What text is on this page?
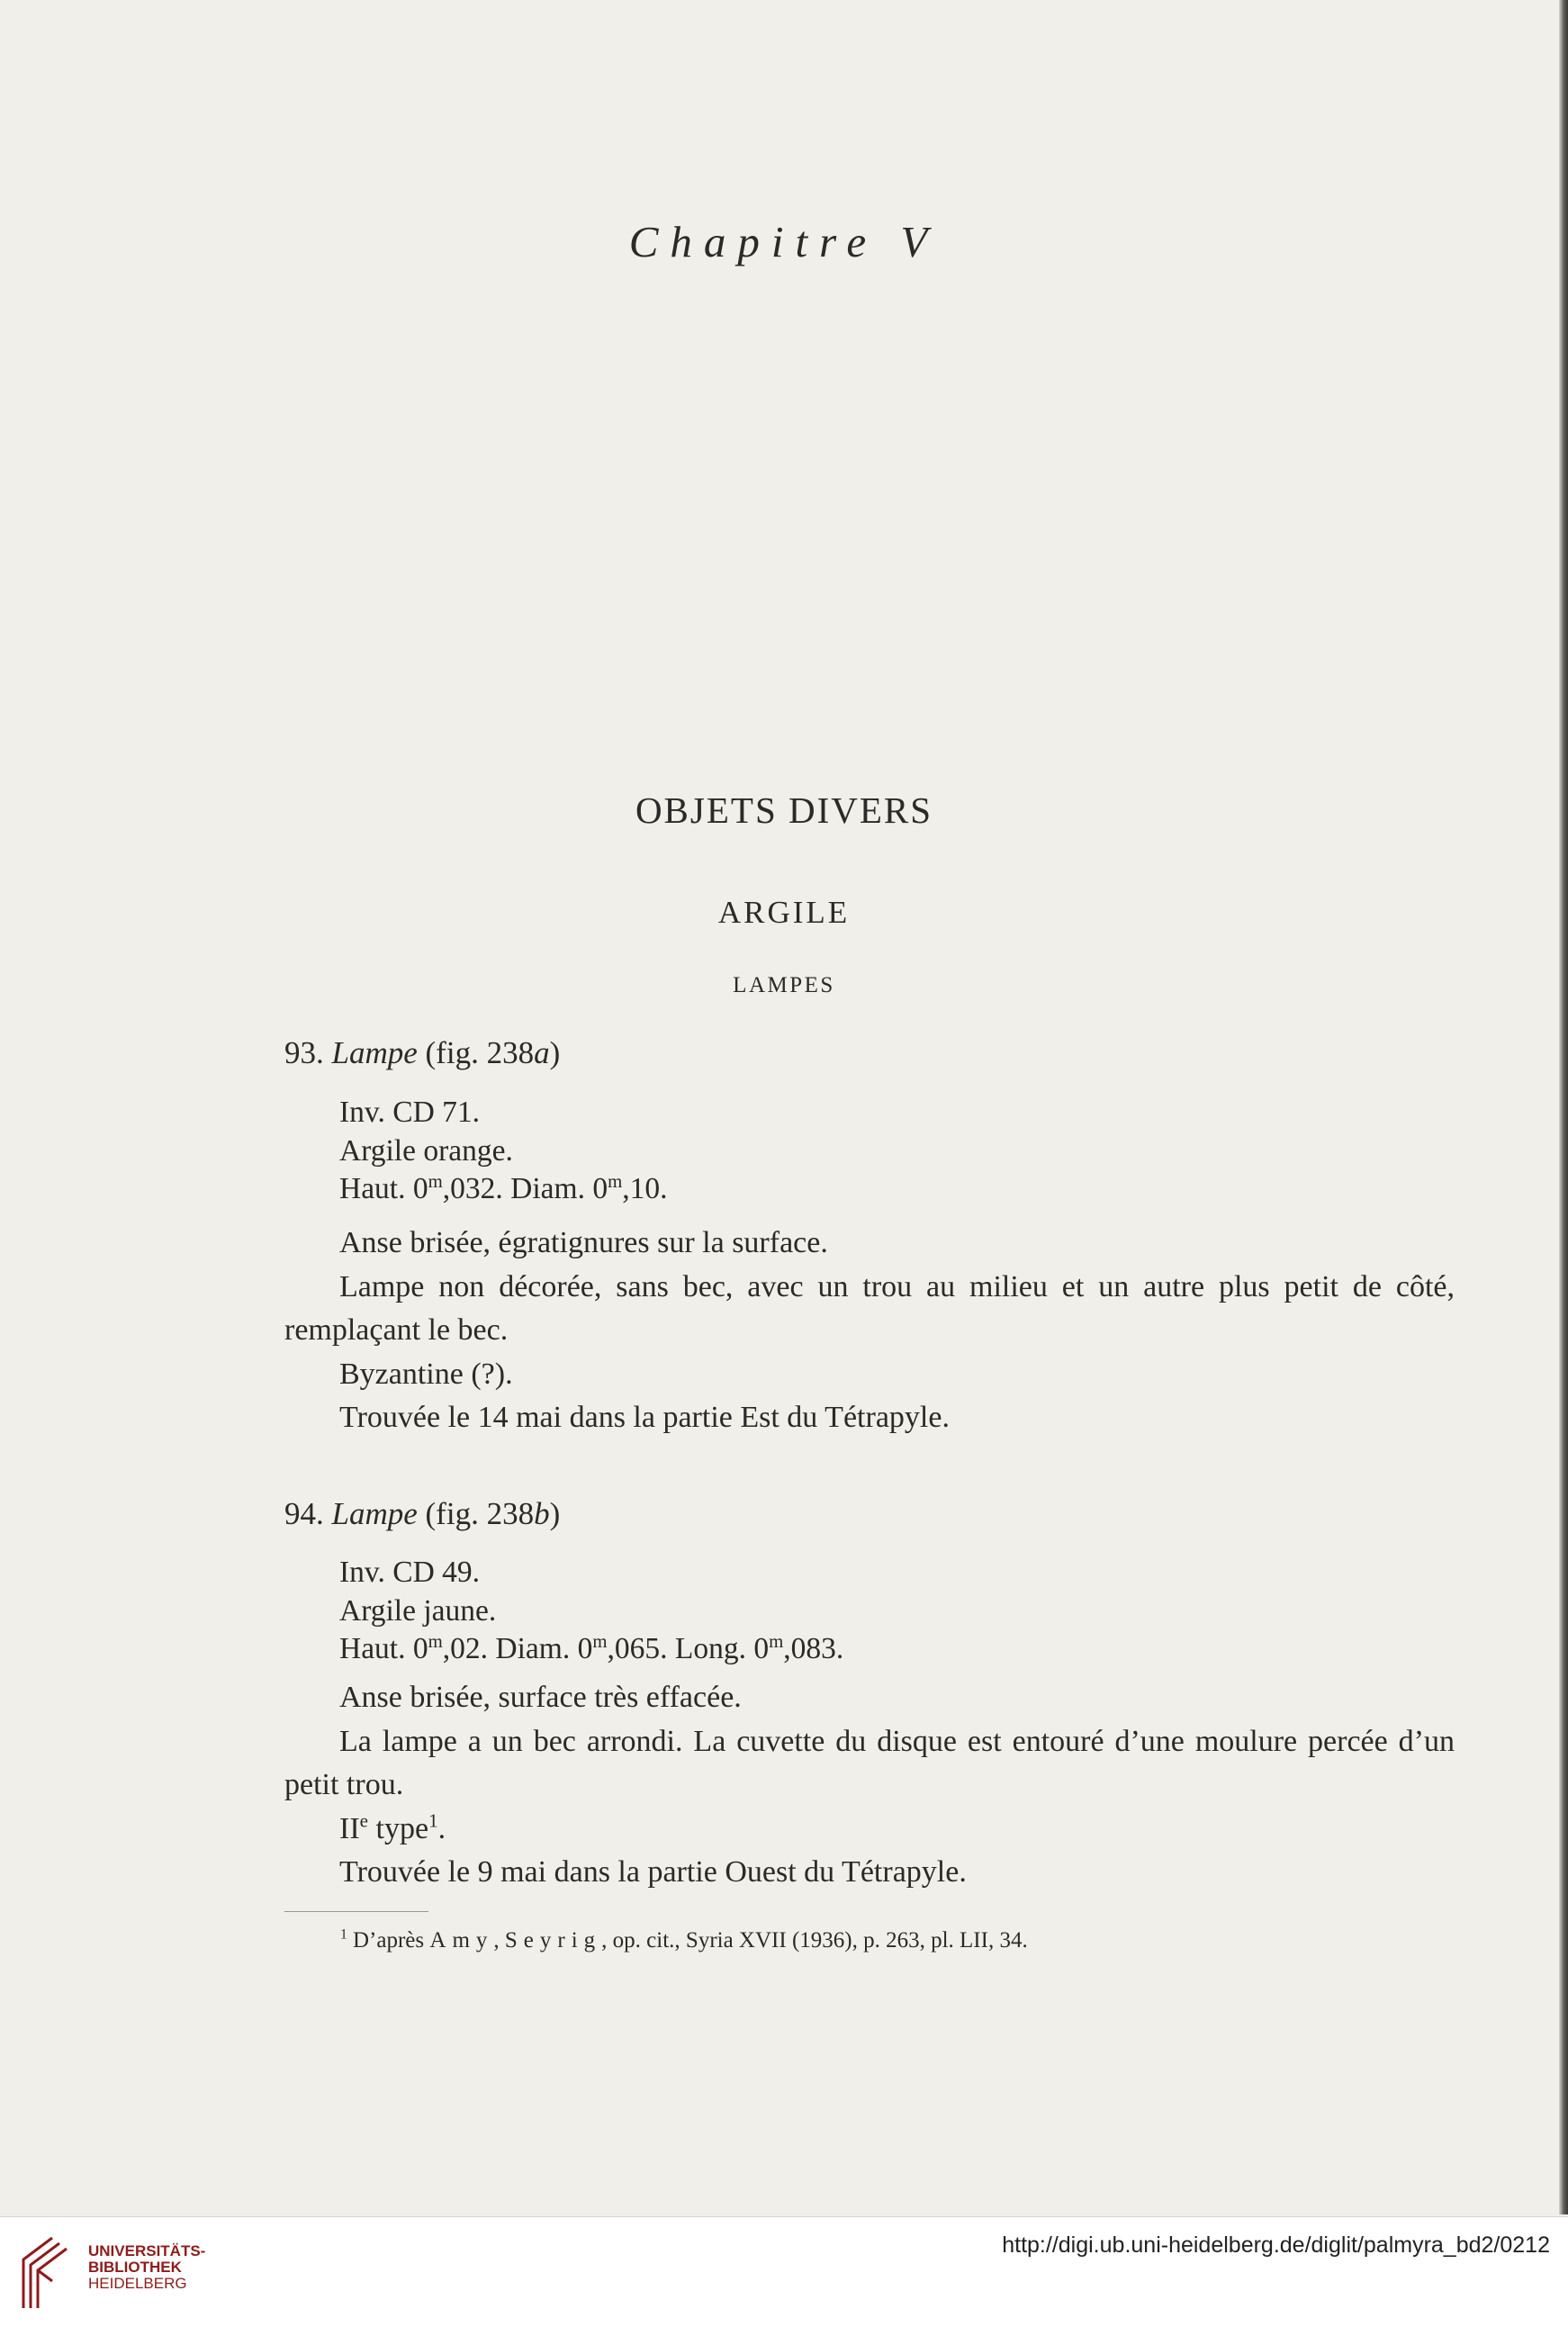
Chapitre V
OBJETS DIVERS
ARGILE
LAMPES
93. Lampe (fig. 238a)
Inv. CD 71.
Argile orange.
Haut. 0$^m$,032. Diam. 0$^m$,10.

Anse brisée, égratignures sur la surface.
Lampe non décorée, sans bec, avec un trou au milieu et un autre plus petit de côté, remplaçant le bec.
Byzantine (?).
Trouvée le 14 mai dans la partie Est du Tétrapyle.

94. Lampe (fig. 238b)
Inv. CD 49.
Argile jaune.
Haut. 0$^m$,02. Diam. 0$^m$,065. Long. 0$^m$,083.

Anse brisée, surface très effacée.
La lampe a un bec arrondi. La cuvette du disque est entouré d’une moulure percée d’un petit trou.
IIe type$^1$.
Trouvée le 9 mai dans la partie Ouest du Tétrapyle.

$^1$ D’après Amy, Seyrig, op. cit., Syria XVII (1936), p. 263, pl. LII, 34.
UNIVERSITÄTS-
BIBLIOTHEK
HEIDELBERG
http://digi.ub.uni-heidelberg.de/diglit/palmyra_bd2/0212
